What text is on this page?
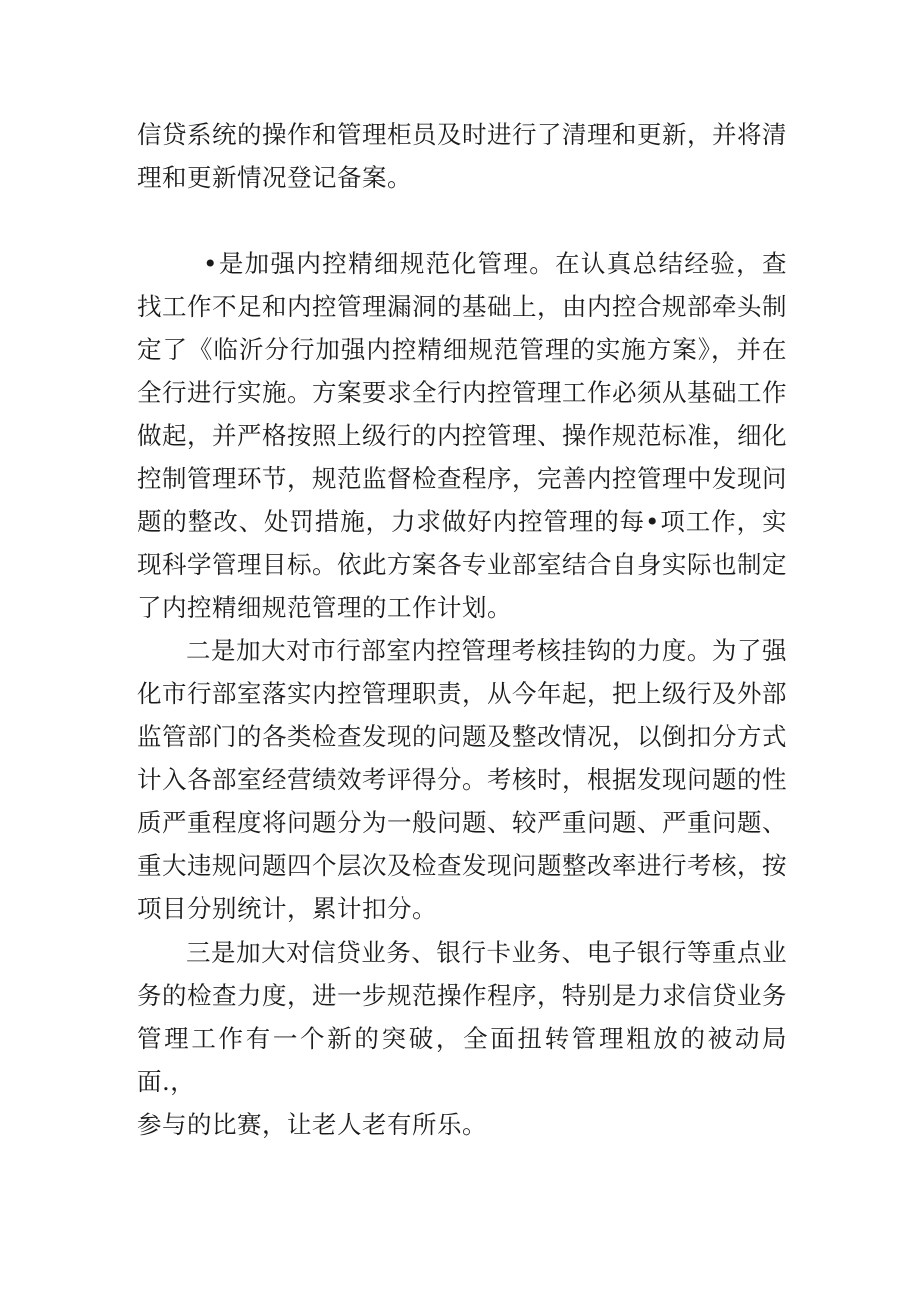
信贷系统的操作和管理柜员及时进行了清理和更新，并将清理和更新情况登记备案。

•是加强内控精细规范化管理。在认真总结经验，查找工作不足和内控管理漏洞的基础上，由内控合规部牵头制定了《临沂分行加强内控精细规范管理的实施方案》，并在全行进行实施。方案要求全行内控管理工作必须从基础工作做起，并严格按照上级行的内控管理、操作规范标准，细化控制管理环节，规范监督检查程序，完善内控管理中发现问题的整改、处罚措施，力求做好内控管理的每•项工作，实现科学管理目标。依此方案各专业部室结合自身实际也制定了内控精细规范管理的工作计划。

二是加大对市行部室内控管理考核挂钩的力度。为了强化市行部室落实内控管理职责，从今年起，把上级行及外部监管部门的各类检查发现的问题及整改情况，以倒扣分方式计入各部室经营绩效考评得分。考核时，根据发现问题的性质严重程度将问题分为一般问题、较严重问题、严重问题、重大违规问题四个层次及检查发现问题整改率进行考核，按项目分别统计，累计扣分。

三是加大对信贷业务、银行卡业务、电子银行等重点业务的检查力度，进一步规范操作程序，特别是力求信贷业务管理工作有一个新的突破，全面扭转管理粗放的被动局面.，

参与的比赛，让老人老有所乐。
